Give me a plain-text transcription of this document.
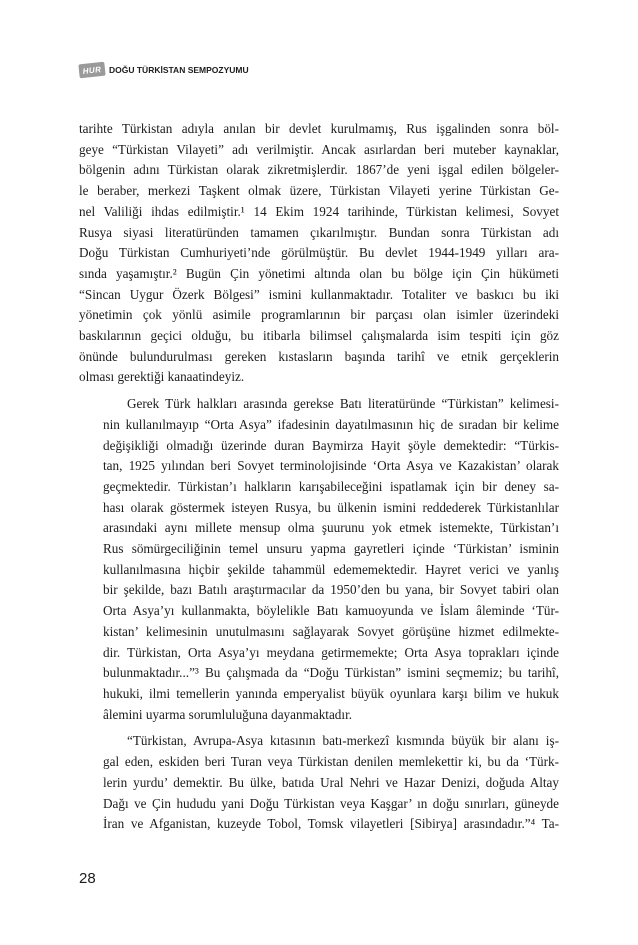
HUR DOĞU TÜRKİSTAN SEMPOZYUMU

tarihte Türkistan adıyla anılan bir devlet kurulmamış, Rus işgalinden sonra böl-
geye “Türkistan Vilayeti” adı verilmiştir. Ancak asırlardan beri muteber kaynaklar,
bölgenin adını Türkistan olarak zikretmişlerdir. 1867’de yeni işgal edilen bölgeler-
le beraber, merkezi Taşkent olmak üzere, Türkistan Vilayeti yerine Türkistan Ge-
nel Valiliği ihdas edilmiştir.¹ 14 Ekim 1924 tarihinde, Türkistan kelimesi, Sovyet
Rusya siyasi literatüründen tamamen çıkarılmıştır. Bundan sonra Türkistan adı
Doğu Türkistan Cumhuriyeti’nde görülmüştür. Bu devlet 1944-1949 yılları ara-
sında yaşamıştır.² Bugün Çin yönetimi altında olan bu bölge için Çin hükümeti
“Sincan Uygur Özerk Bölgesi” ismini kullanmaktadır. Totaliter ve baskıcı bu iki
yönetimin çok yönlü asimile programlarının bir parçası olan isimler üzerindeki
baskılarının geçici olduğu, bu itibarla bilimsel çalışmalarda isim tespiti için göz
önünde bulundurulması gereken kıstasların başında tarihî ve etnik gerçeklerin
olması gerektiği kanaatindeyiz.

Gerek Türk halkları arasında gerekse Batı literatüründe “Türkistan” kelimesi-
nin kullanılmayıp “Orta Asya” ifadesinin dayatılmasının hiç de sıradan bir kelime
değişikliği olmadığı üzerinde duran Baymirza Hayit şöyle demektedir: “Türkis-
tan, 1925 yılından beri Sovyet terminolojisinde ‘Orta Asya ve Kazakistan’ olarak
geçmektedir. Türkistan’ı halkların karışabileceğini ispatlamak için bir deney sa-
hası olarak göstermek isteyen Rusya, bu ülkenin ismini reddederek Türkistanlılar
arasındaki aynı millete mensup olma şuurunu yok etmek istemekte, Türkistan’ı
Rus sömürgeciliğinin temel unsuru yapma gayretleri içinde ‘Türkistan’ isminin
kullanılmasına hiçbir şekilde tahammül edememektedir. Hayret verici ve yanlış
bir şekilde, bazı Batılı araştırmacılar da 1950’den bu yana, bir Sovyet tabiri olan
Orta Asya’yı kullanmakta, böylelikle Batı kamuoyunda ve İslam âleminde ‘Tür-
kistan’ kelimesinin unutulmasını sağlayarak Sovyet görüşüne hizmet edilmekte-
dir. Türkistan, Orta Asya’yı meydana getirmemekte; Orta Asya toprakları içinde
bulunmaktadır...”³ Bu çalışmada da “Doğu Türkistan” ismini seçmemiz; bu tarihî,
hukuki, ilmi temellerin yanında emperyalist büyük oyunlara karşı bilim ve hukuk
âlemini uyarma sorumluluğuna dayanmaktadır.

“Türkistan, Avrupa-Asya kıtasının batı-merkezî kısmında büyük bir alanı iş-
gal eden, eskiden beri Turan veya Türkistan denilen memlekettir ki, bu da ‘Türk-
lerin yurdu’ demektir. Bu ülke, batıda Ural Nehri ve Hazar Denizi, doğuda Altay
Dağı ve Çin hududu yani Doğu Türkistan veya Kaşgar’ ın doğu sınırları, güneyde
İran ve Afganistan, kuzeyde Tobol, Tomsk vilayetleri [Sibirya] arasındadır.”⁴ Ta-

28
